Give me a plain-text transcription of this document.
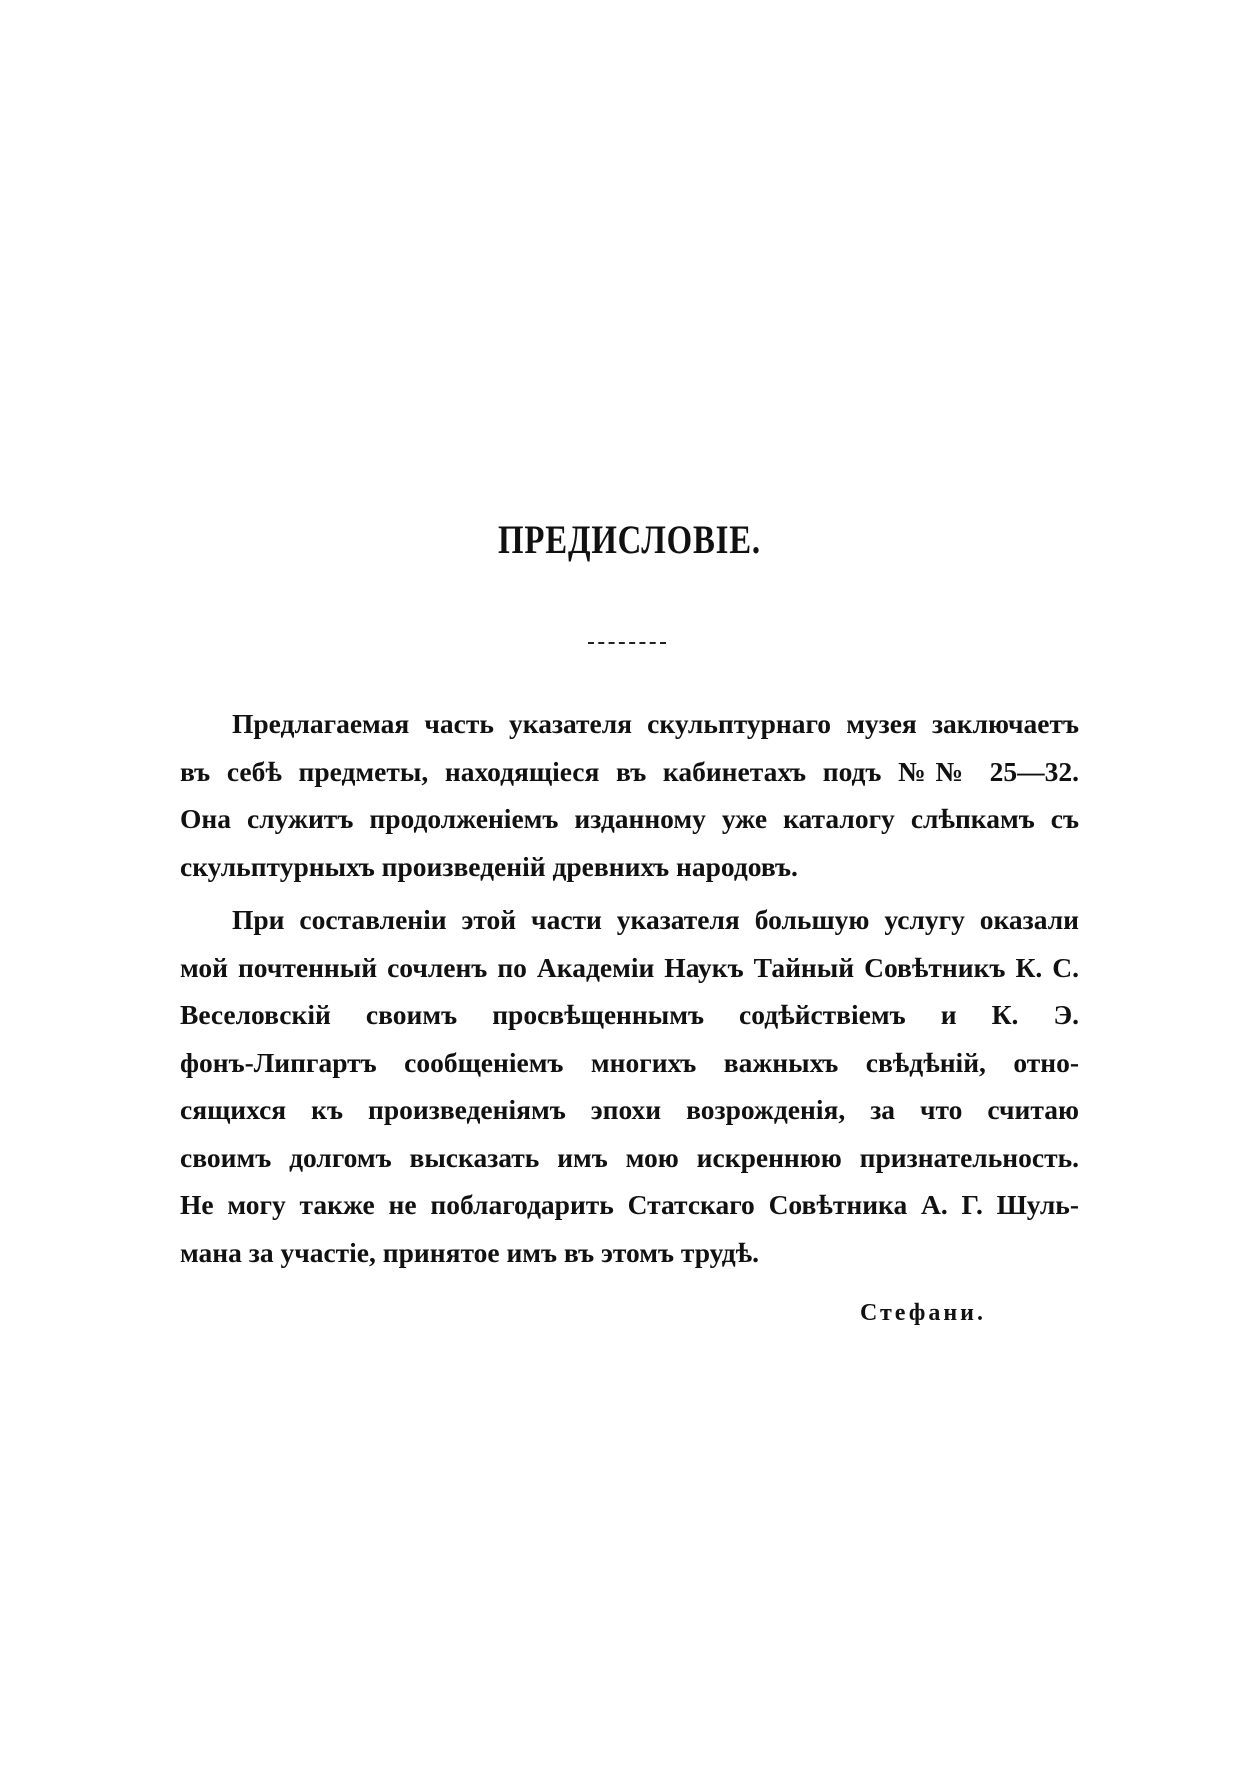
ПРЕДИСЛОВІЕ.
Предлагаемая часть указателя скульптурнаго музея заключаетъ
въ себѣ предметы, находящіеся въ кабинетахъ подъ №№ 25—32.
Она служитъ продолженіемъ изданному уже каталогу слѣпкамъ съ
скульптурныхъ произведеній древнихъ народовъ.
При составленіи этой части указателя большую услугу оказали
мой почтенный сочленъ по Академіи Наукъ Тайный Совѣтникъ К. С.
Веселовскій своимъ просвѣщеннымъ содѣйствіемъ и К. Э.
фонъ-Липгартъ сообщеніемъ многихъ важныхъ свѣдѣній, отно-
сящихся къ произведеніямъ эпохи возрожденія, за что считаю
своимъ долгомъ высказать имъ мою искреннюю признательность.
Не могу также не поблагодарить Статскаго Совѣтника А. Г. Шуль-
мана за участіе, принятое имъ въ этомъ трудѣ.
Стефани.
